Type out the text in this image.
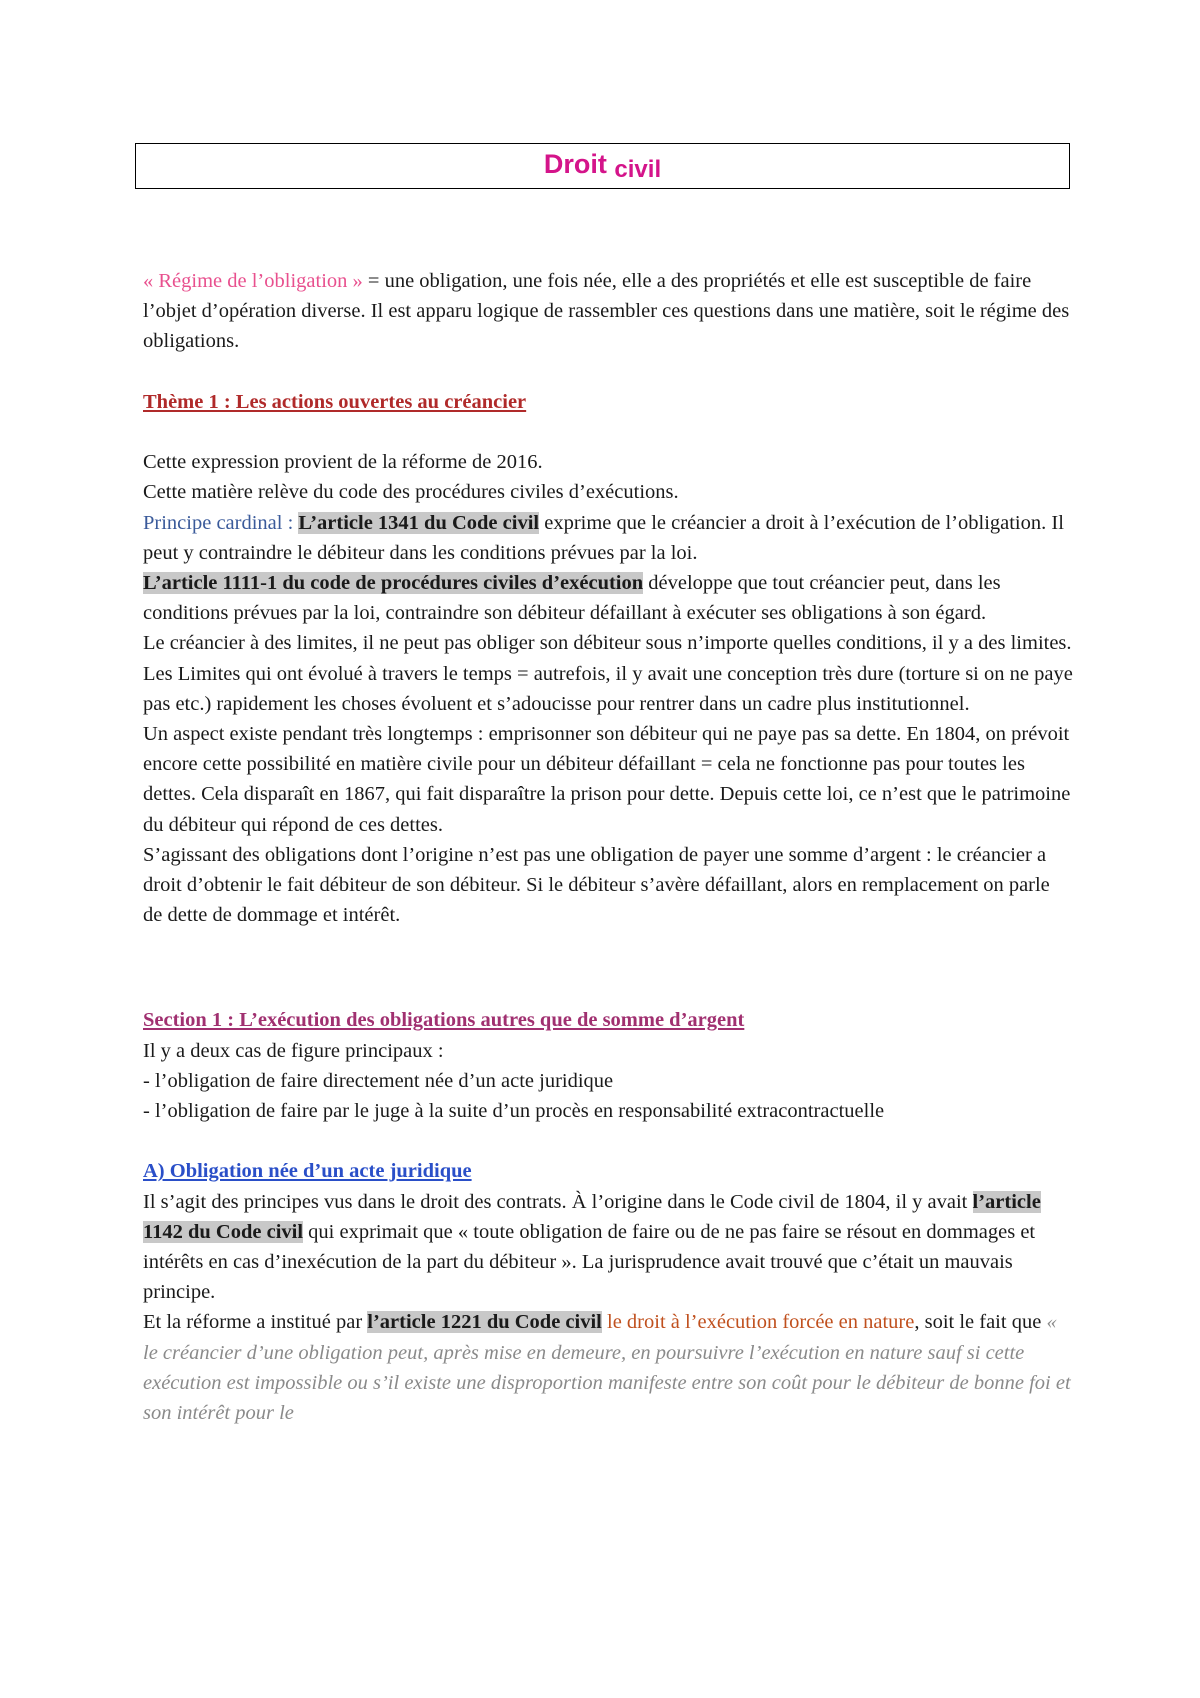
Droit civil

« Régime de l’obligation » = une obligation, une fois née, elle a des propriétés et elle est susceptible de faire l’objet d’opération diverse. Il est apparu logique de rassembler ces questions dans une matière, soit le régime des obligations.

Thème 1 : Les actions ouvertes au créancier

Cette expression provient de la réforme de 2016.

Cette matière relève du code des procédures civiles d’exécutions.

Principe cardinal : L’article 1341 du Code civil exprime que le créancier a droit à l’exécution de l’obligation. Il peut y contraindre le débiteur dans les conditions prévues par la loi.

L’article 1111-1 du code de procédures civiles d’exécution développe que tout créancier peut, dans les conditions prévues par la loi, contraindre son débiteur défaillant à exécuter ses obligations à son égard.

Le créancier à des limites, il ne peut pas obliger son débiteur sous n’importe quelles conditions, il y a des limites. Les Limites qui ont évolué à travers le temps = autrefois, il y avait une conception très dure (torture si on ne paye pas etc.) rapidement les choses évoluent et s’adoucisse pour rentrer dans un cadre plus institutionnel.

Un aspect existe pendant très longtemps : emprisonner son débiteur qui ne paye pas sa dette. En 1804, on prévoit encore cette possibilité en matière civile pour un débiteur défaillant = cela ne fonctionne pas pour toutes les dettes. Cela disparaît en 1867, qui fait disparaître la prison pour dette. Depuis cette loi, ce n’est que le patrimoine du débiteur qui répond de ces dettes.

S’agissant des obligations dont l’origine n’est pas une obligation de payer une somme d’argent : le créancier a droit d’obtenir le fait débiteur de son débiteur. Si le débiteur s’avère défaillant, alors en remplacement on parle de dette de dommage et intérêt.

Section 1 : L’exécution des obligations autres que de somme d’argent

Il y a deux cas de figure principaux :

- l’obligation de faire directement née d’un acte juridique

- l’obligation de faire par le juge à la suite d’un procès en responsabilité extracontractuelle

A) Obligation née d’un acte juridique

Il s’agit des principes vus dans le droit des contrats. À l’origine dans le Code civil de 1804, il y avait l’article 1142 du Code civil qui exprimait que « toute obligation de faire ou de ne pas faire se résout en dommages et intérêts en cas d’inexécution de la part du débiteur ». La jurisprudence avait trouvé que c’était un mauvais principe.

Et la réforme a institué par l’article 1221 du Code civil le droit à l’exécution forcée en nature, soit le fait que « le créancier d’une obligation peut, après mise en demeure, en poursuivre l’exécution en nature sauf si cette exécution est impossible ou s’il existe une disproportion manifeste entre son coût pour le débiteur de bonne foi et son intérêt pour le
